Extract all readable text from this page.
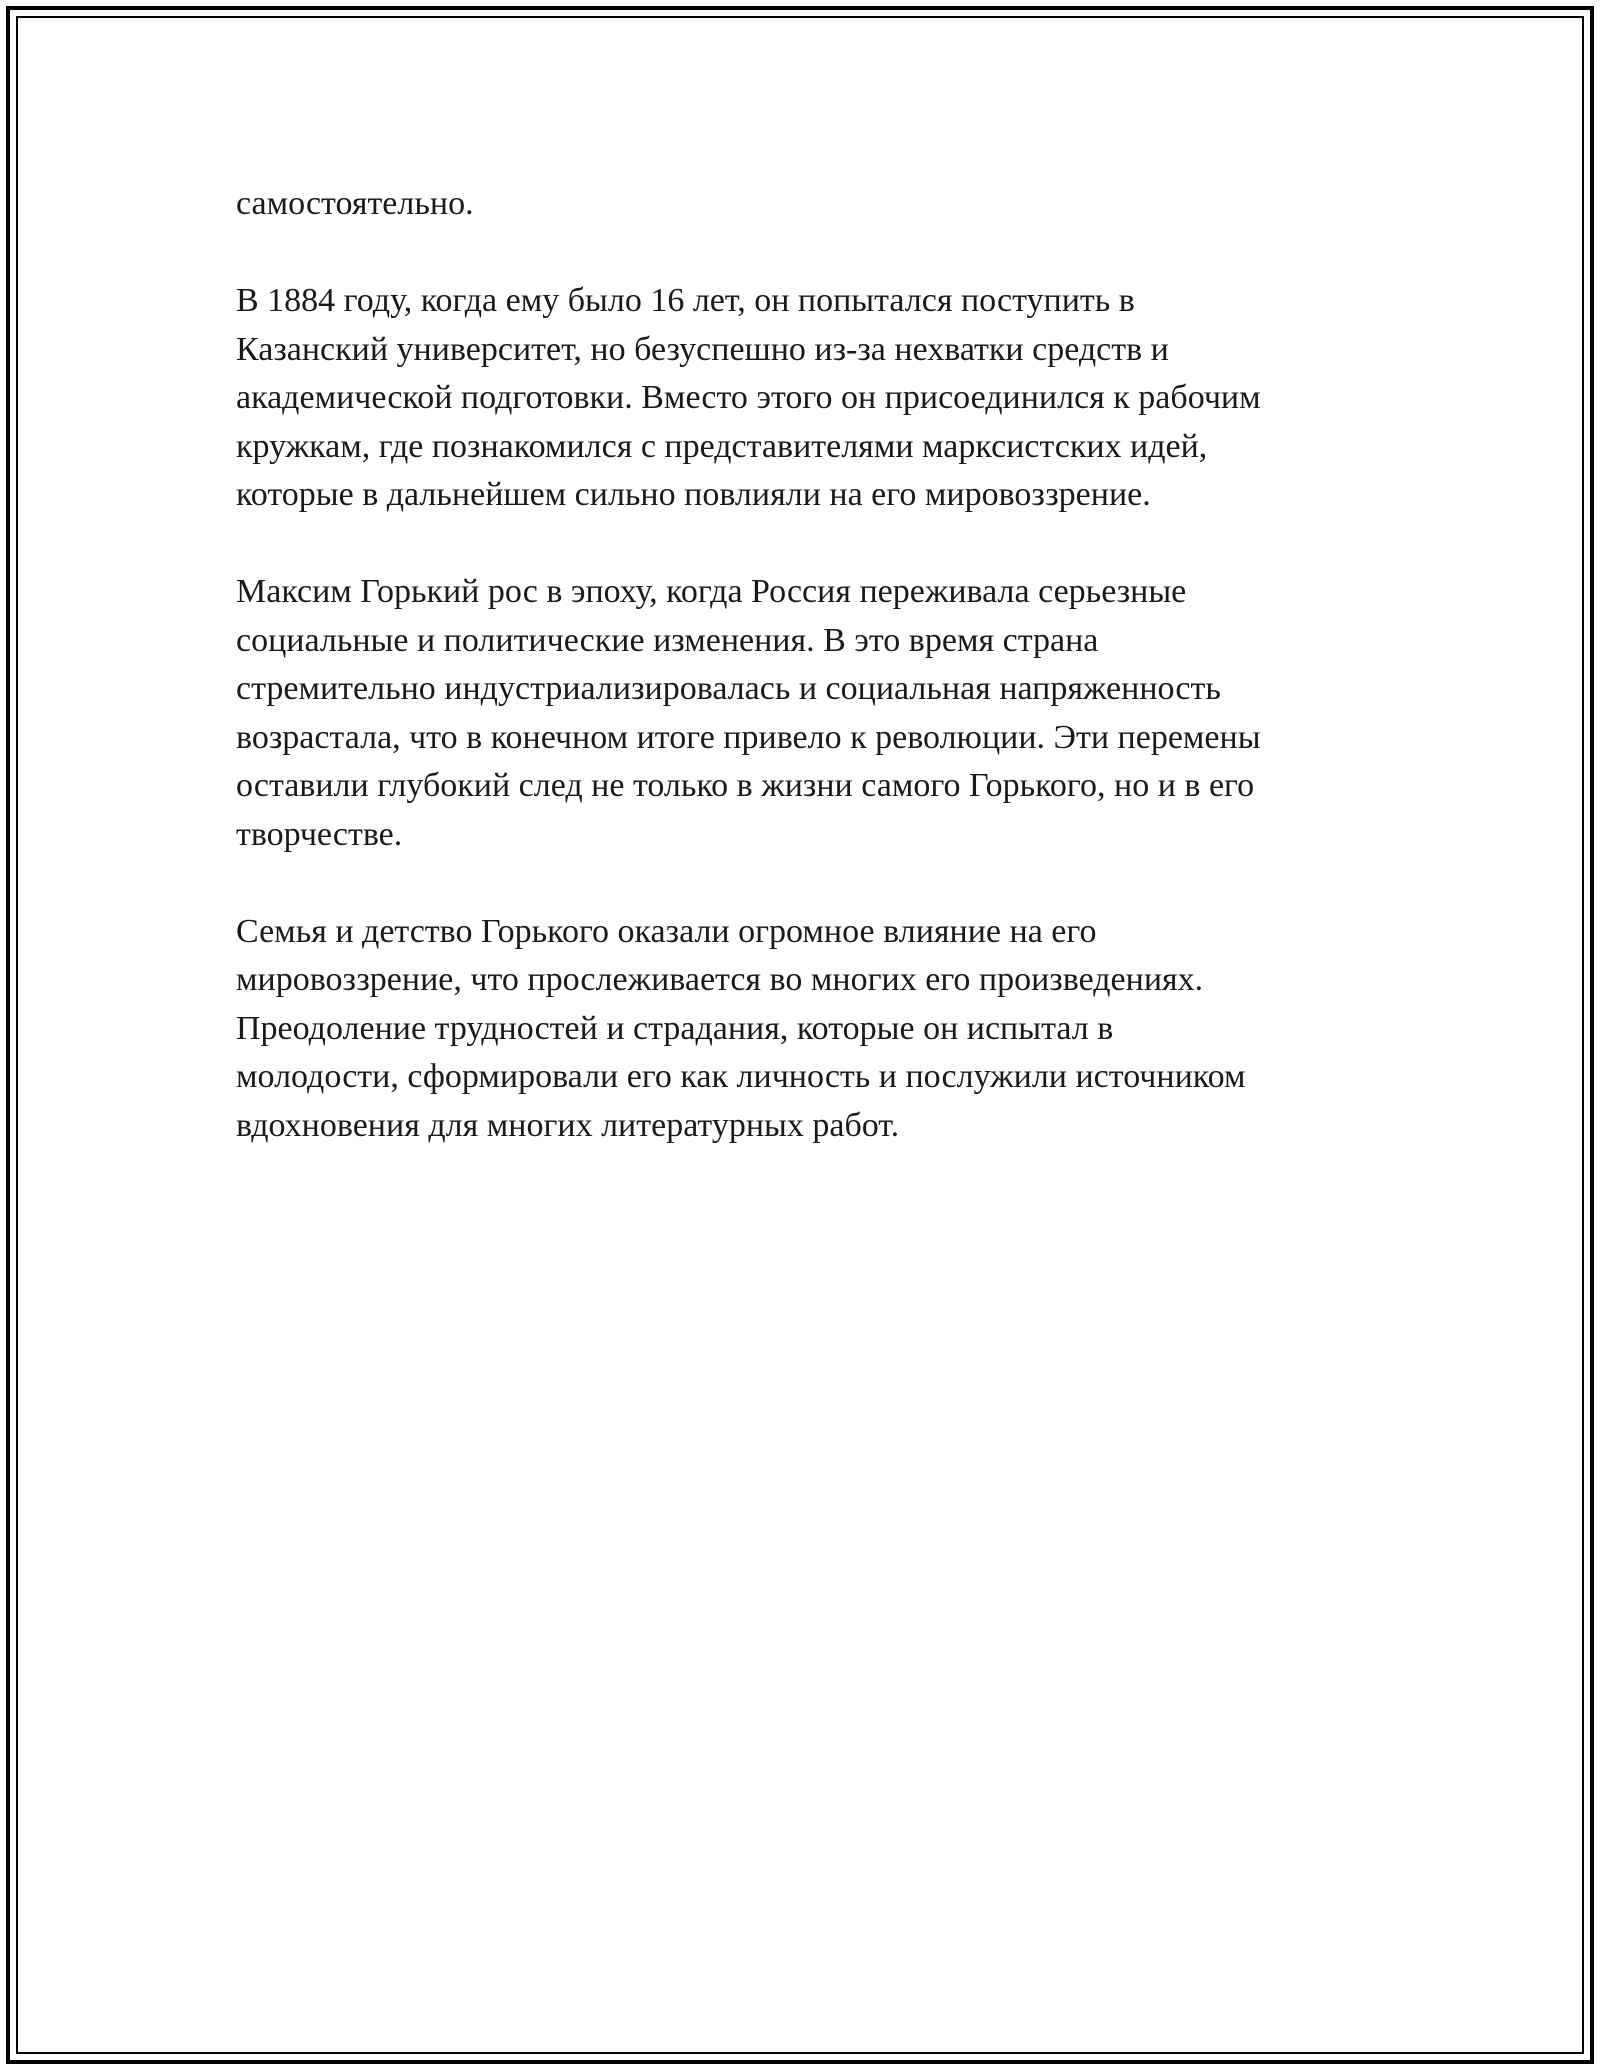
самостоятельно.

В 1884 году, когда ему было 16 лет, он попытался поступить в
Казанский университет, но безуспешно из-за нехватки средств и
академической подготовки. Вместо этого он присоединился к рабочим
кружкам, где познакомился с представителями марксистских идей,
которые в дальнейшем сильно повлияли на его мировоззрение.

Максим Горький рос в эпоху, когда Россия переживала серьезные
социальные и политические изменения. В это время страна
стремительно индустриализировалась и социальная напряженность
возрастала, что в конечном итоге привело к революции. Эти перемены
оставили глубокий след не только в жизни самого Горького, но и в его
творчестве.

Семья и детство Горького оказали огромное влияние на его
мировоззрение, что прослеживается во многих его произведениях.
Преодоление трудностей и страдания, которые он испытал в
молодости, сформировали его как личность и послужили источником
вдохновения для многих литературных работ.
